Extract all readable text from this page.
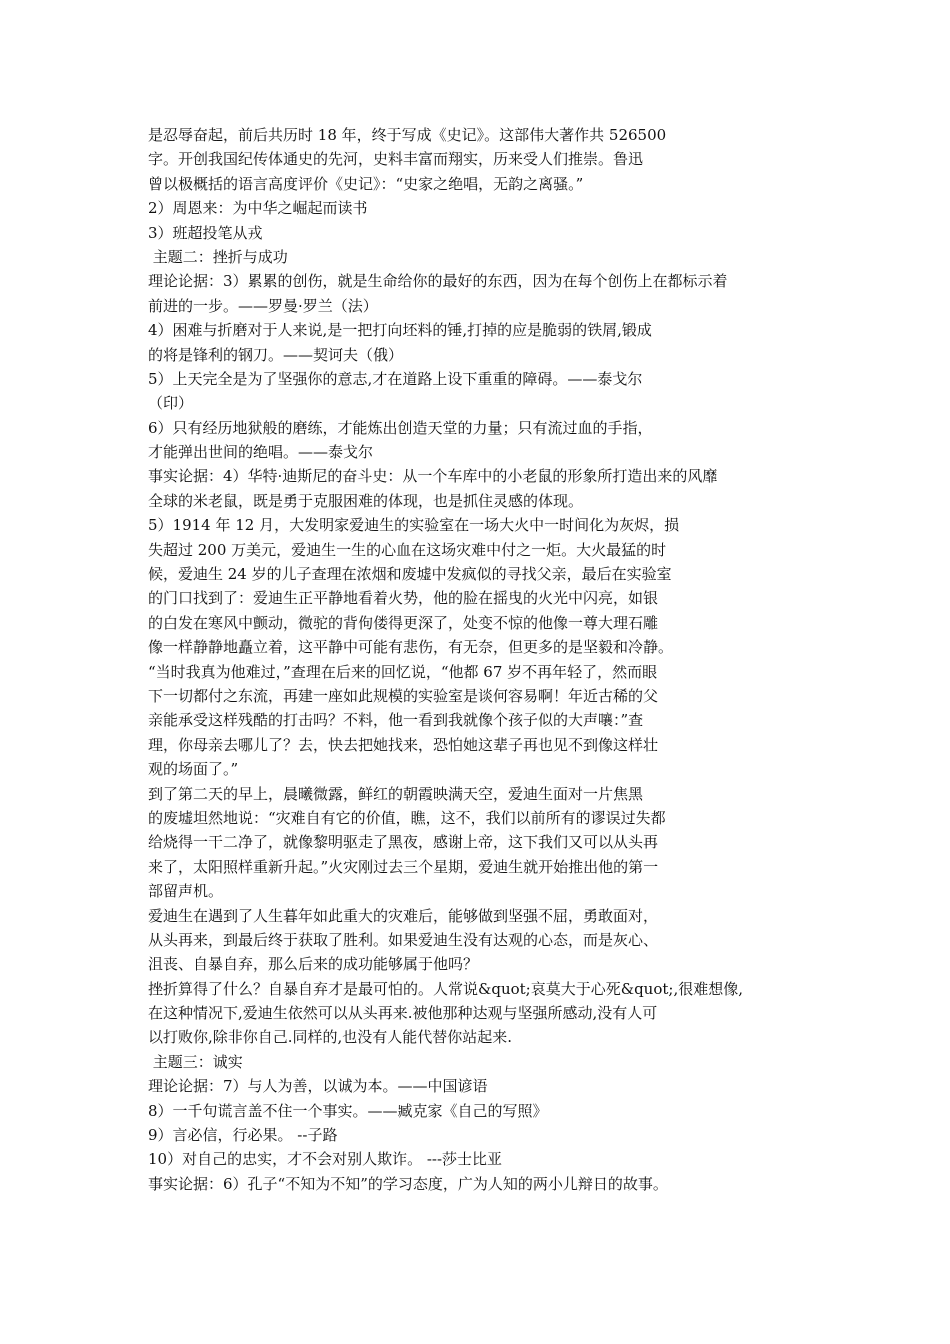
是忍辱奋起，前后共历时 18 年，终于写成《史记》。这部伟大著作共 526500
字。开创我国纪传体通史的先河，史料丰富而翔实，历来受人们推崇。鲁迅
曾以极概括的语言高度评价《史记》：“史家之绝唱，无韵之离骚。”
2）周恩来：为中华之崛起而读书
3）班超投笔从戎
主题二：挫折与成功
理论论据：3）累累的创伤，就是生命给你的最好的东西，因为在每个创伤上在都标示着
前进的一步。——罗曼·罗兰（法）
4）困难与折磨对于人来说,是一把打向坯料的锤,打掉的应是脆弱的铁屑,锻成
的将是锋利的钢刀。——契诃夫（俄）
5）上天完全是为了坚强你的意志,才在道路上设下重重的障碍。——泰戈尔
（印）
6）只有经历地狱般的磨练，才能炼出创造天堂的力量；只有流过血的手指，
才能弹出世间的绝唱。——泰戈尔
事实论据：4）华特·迪斯尼的奋斗史：从一个车库中的小老鼠的形象所打造出来的风靡
全球的米老鼠，既是勇于克服困难的体现，也是抓住灵感的体现。
5）1914 年 12 月，大发明家爱迪生的实验室在一场大火中一时间化为灰烬，损
失超过 200 万美元，爱迪生一生的心血在这场灾难中付之一炬。大火最猛的时
候，爱迪生 24 岁的儿子查理在浓烟和废墟中发疯似的寻找父亲，最后在实验室
的门口找到了：爱迪生正平静地看着火势，他的脸在摇曳的火光中闪亮，如银
的白发在寒风中颤动，微驼的背佝偻得更深了，处变不惊的他像一尊大理石雕
像一样静静地矗立着，这平静中可能有悲伤，有无奈，但更多的是坚毅和冷静。
“当时我真为他难过，”查理在后来的回忆说，“他都 67 岁不再年轻了，然而眼
下一切都付之东流，再建一座如此规模的实验室是谈何容易啊！年近古稀的父
亲能承受这样残酷的打击吗？不料，他一看到我就像个孩子似的大声嚷：”查
理，你母亲去哪儿了？去，快去把她找来，恐怕她这辈子再也见不到像这样壮
观的场面了。”
到了第二天的早上，晨曦微露，鲜红的朝霞映满天空，爱迪生面对一片焦黑
的废墟坦然地说：“灾难自有它的价值，瞧，这不，我们以前所有的谬误过失都
给烧得一干二净了，就像黎明驱走了黑夜，感谢上帝，这下我们又可以从头再
来了，太阳照样重新升起。”火灾刚过去三个星期，爱迪生就开始推出他的第一
部留声机。
爱迪生在遇到了人生暮年如此重大的灾难后，能够做到坚强不屈，勇敢面对，
从头再来，到最后终于获取了胜利。如果爱迪生没有达观的心态，而是灰心、
沮丧、自暴自弃，那么后来的成功能够属于他吗？
挫折算得了什么？自暴自弃才是最可怕的。人常说&quot;哀莫大于心死&quot;,很难想像,
在这种情况下,爱迪生依然可以从头再来.被他那种达观与坚强所感动,没有人可
以打败你,除非你自己.同样的,也没有人能代替你站起来.
主题三：诚实
理论论据：7）与人为善，以诚为本。——中国谚语
8）一千句谎言盖不住一个事实。——臧克家《自己的写照》
9）言必信，行必果。 --子路
10）对自己的忠实，才不会对别人欺诈。 ---莎士比亚
事实论据：6）孔子“不知为不知”的学习态度，广为人知的两小儿辩日的故事。
